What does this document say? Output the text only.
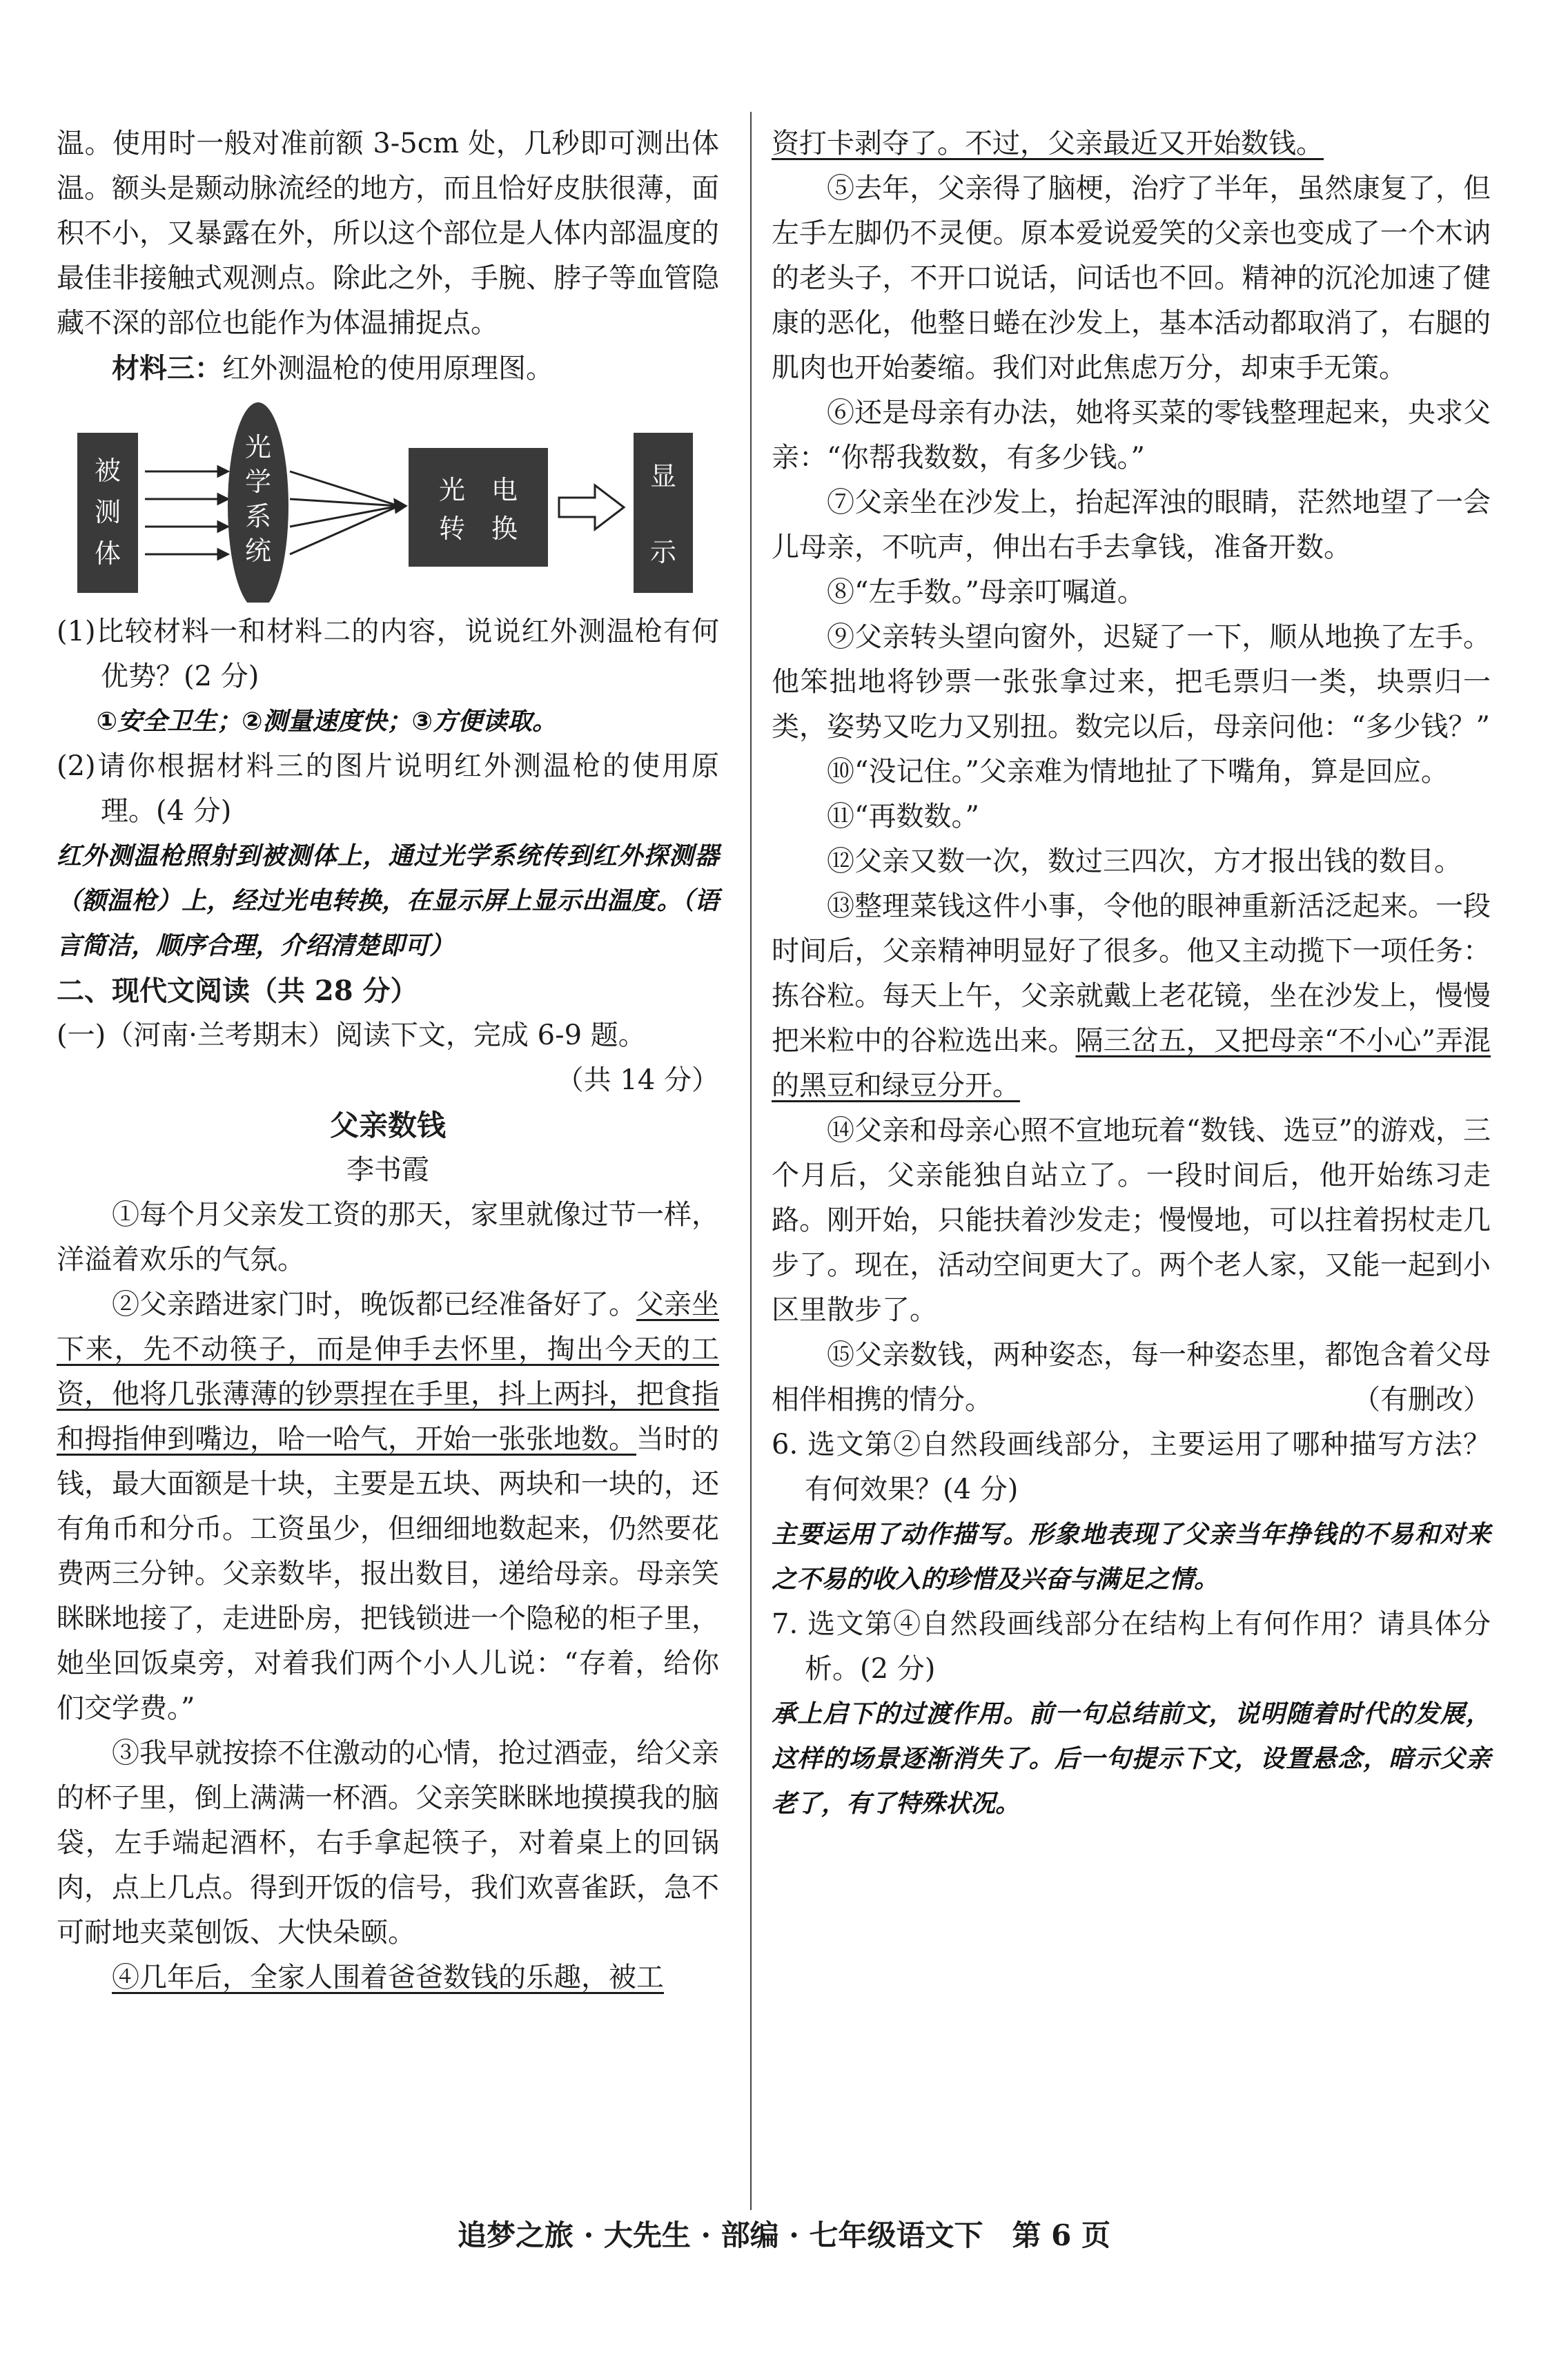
温。使用时一般对准前额 3-5cm 处，几秒即可测出体温。额头是颞动脉流经的地方，而且恰好皮肤很薄，面积不小，又暴露在外，所以这个部位是人体内部温度的最佳非接触式观测点。除此之外，手腕、脖子等血管隐藏不深的部位也能作为体温捕捉点。

材料三：红外测温枪的使用原理图。

被
测
体
光
学
系
统
光　电
转　换
显
示

(1)比较材料一和材料二的内容，说说红外测温枪有何优势？(2 分)

①安全卫生；②测量速度快；③方便读取。

(2)请你根据材料三的图片说明红外测温枪的使用原理。(4 分)

红外测温枪照射到被测体上，通过光学系统传到红外探测器（额温枪）上，经过光电转换，在显示屏上显示出温度。（语言简洁，顺序合理，介绍清楚即可）

二、现代文阅读（共 28 分）

(一)（河南·兰考期末）阅读下文，完成 6-9 题。

（共 14 分）

父亲数钱

李书霞

①每个月父亲发工资的那天，家里就像过节一样，洋溢着欢乐的气氛。

②父亲踏进家门时，晚饭都已经准备好了。父亲坐下来，先不动筷子，而是伸手去怀里，掏出今天的工资，他将几张薄薄的钞票捏在手里，抖上两抖，把食指和拇指伸到嘴边，哈一哈气，开始一张张地数。当时的钱，最大面额是十块，主要是五块、两块和一块的，还有角币和分币。工资虽少，但细细地数起来，仍然要花费两三分钟。父亲数毕，报出数目，递给母亲。母亲笑眯眯地接了，走进卧房，把钱锁进一个隐秘的柜子里，她坐回饭桌旁，对着我们两个小人儿说：“存着，给你们交学费。”

③我早就按捺不住激动的心情，抢过酒壶，给父亲的杯子里，倒上满满一杯酒。父亲笑眯眯地摸摸我的脑袋，左手端起酒杯，右手拿起筷子，对着桌上的回锅肉，点上几点。得到开饭的信号，我们欢喜雀跃，急不可耐地夹菜刨饭、大快朵颐。

④几年后，全家人围着爸爸数钱的乐趣，被工

资打卡剥夺了。不过，父亲最近又开始数钱。

⑤去年，父亲得了脑梗，治疗了半年，虽然康复了，但左手左脚仍不灵便。原本爱说爱笑的父亲也变成了一个木讷的老头子，不开口说话，问话也不回。精神的沉沦加速了健康的恶化，他整日蜷在沙发上，基本活动都取消了，右腿的肌肉也开始萎缩。我们对此焦虑万分，却束手无策。

⑥还是母亲有办法，她将买菜的零钱整理起来，央求父亲：“你帮我数数，有多少钱。”

⑦父亲坐在沙发上，抬起浑浊的眼睛，茫然地望了一会儿母亲，不吭声，伸出右手去拿钱，准备开数。

⑧“左手数。”母亲叮嘱道。

⑨父亲转头望向窗外，迟疑了一下，顺从地换了左手。他笨拙地将钞票一张张拿过来，把毛票归一类，块票归一类，姿势又吃力又别扭。数完以后，母亲问他：“多少钱？”

⑩“没记住。”父亲难为情地扯了下嘴角，算是回应。

⑪“再数数。”

⑫父亲又数一次，数过三四次，方才报出钱的数目。

⑬整理菜钱这件小事，令他的眼神重新活泛起来。一段时间后，父亲精神明显好了很多。他又主动揽下一项任务：拣谷粒。每天上午，父亲就戴上老花镜，坐在沙发上，慢慢把米粒中的谷粒选出来。隔三岔五，又把母亲“不小心”弄混的黑豆和绿豆分开。

⑭父亲和母亲心照不宣地玩着“数钱、选豆”的游戏，三个月后，父亲能独自站立了。一段时间后，他开始练习走路。刚开始，只能扶着沙发走；慢慢地，可以拄着拐杖走几步了。现在，活动空间更大了。两个老人家，又能一起到小区里散步了。

⑮父亲数钱，两种姿态，每一种姿态里，都饱含着父母相伴相携的情分。	（有删改）

6. 选文第②自然段画线部分，主要运用了哪种描写方法？有何效果？(4 分)

主要运用了动作描写。形象地表现了父亲当年挣钱的不易和对来之不易的收入的珍惜及兴奋与满足之情。

7. 选文第④自然段画线部分在结构上有何作用？请具体分析。(2 分)

承上启下的过渡作用。前一句总结前文，说明随着时代的发展，这样的场景逐渐消失了。后一句提示下文，设置悬念，暗示父亲老了，有了特殊状况。

追梦之旅 · 大先生 · 部编 · 七年级语文下　第 6 页
